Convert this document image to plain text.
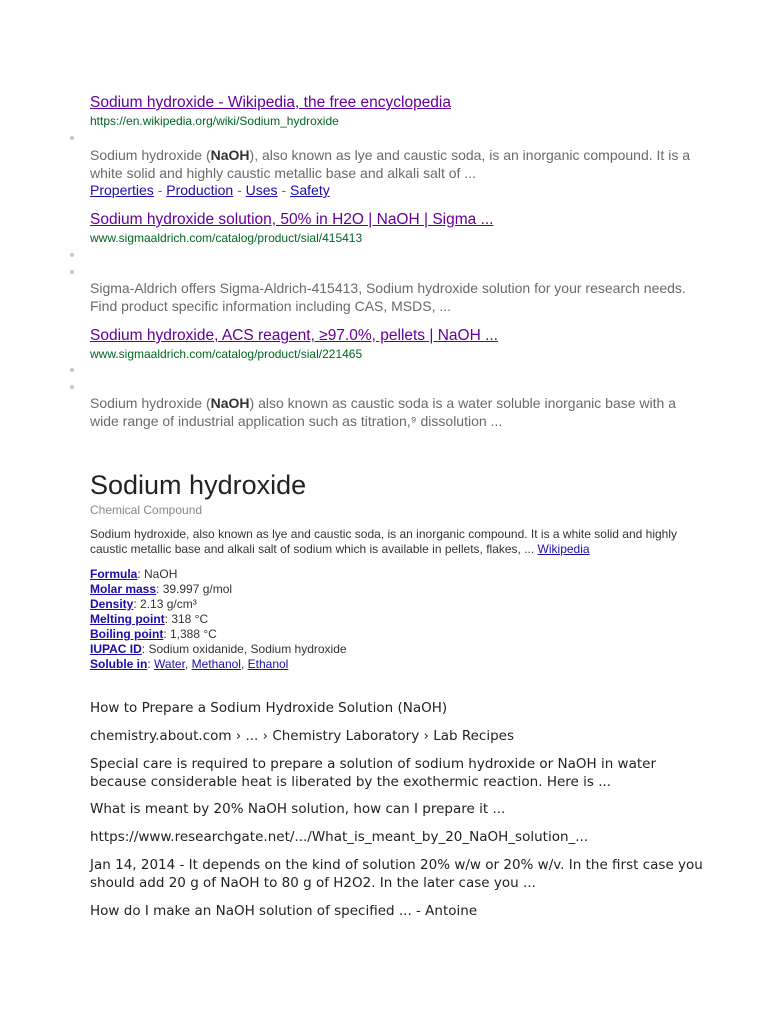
Sodium hydroxide - Wikipedia, the free encyclopedia
https://en.wikipedia.org/wiki/Sodium_hydroxide
Sodium hydroxide (NaOH), also known as lye and caustic soda, is an inorganic compound. It is a white solid and highly caustic metallic base and alkali salt of ...
Properties - Production - Uses - Safety
Sodium hydroxide solution, 50% in H2O | NaOH | Sigma ...
www.sigmaaldrich.com/catalog/product/sial/415413
Sigma-Aldrich offers Sigma-Aldrich-415413, Sodium hydroxide solution for your research needs. Find product specific information including CAS, MSDS, ...
Sodium hydroxide, ACS reagent, ≥97.0%, pellets | NaOH ...
www.sigmaaldrich.com/catalog/product/sial/221465
Sodium hydroxide (NaOH) also known as caustic soda is a water soluble inorganic base with a wide range of industrial application such as titration,⁹ dissolution ...
Sodium hydroxide
Chemical Compound
Sodium hydroxide, also known as lye and caustic soda, is an inorganic compound. It is a white solid and highly caustic metallic base and alkali salt of sodium which is available in pellets, flakes, ... Wikipedia
Formula: NaOH
Molar mass: 39.997 g/mol
Density: 2.13 g/cm³
Melting point: 318 °C
Boiling point: 1,388 °C
IUPAC ID: Sodium oxidanide, Sodium hydroxide
Soluble in: Water, Methanol, Ethanol
How to Prepare a Sodium Hydroxide Solution (NaOH)
chemistry.about.com › ... › Chemistry Laboratory › Lab Recipes
Special care is required to prepare a solution of sodium hydroxide or NaOH in water because considerable heat is liberated by the exothermic reaction. Here is ...
What is meant by 20% NaOH solution, how can I prepare it ...
https://www.researchgate.net/.../What_is_meant_by_20_NaOH_solution_...
Jan 14, 2014 - It depends on the kind of solution 20% w/w or 20% w/v. In the first case you should add 20 g of NaOH to 80 g of H2O2. In the later case you ...
How do I make an NaOH solution of specified ... - Antoine
